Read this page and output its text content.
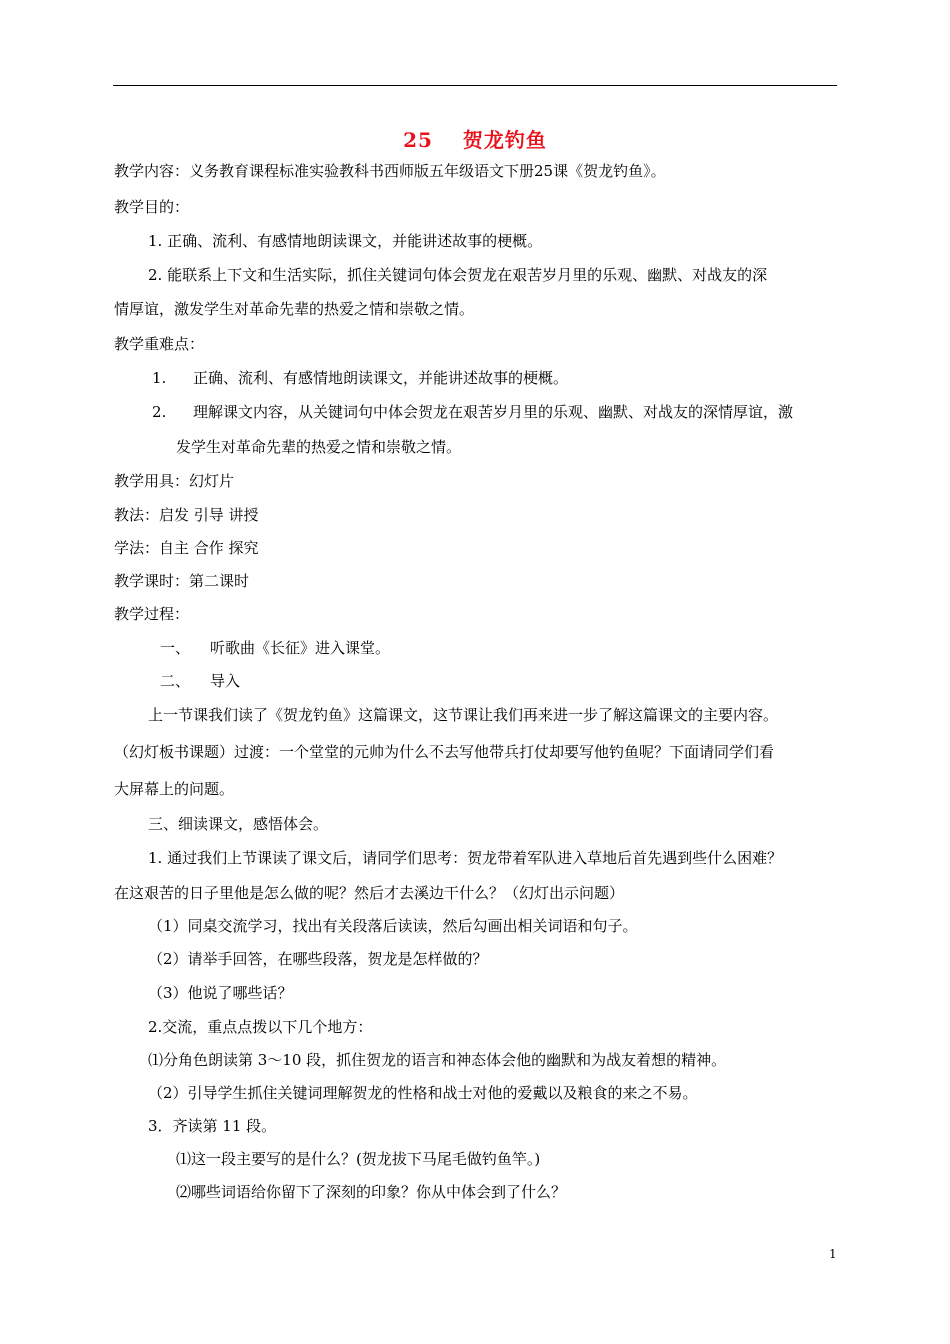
25 贺龙钓鱼
教学内容：义务教育课程标准实验教科书西师版五年级语文下册25课《贺龙钓鱼》。
教学目的：
1. 正确、流利、有感情地朗读课文，并能讲述故事的梗概。
2. 能联系上下文和生活实际，抓住关键词句体会贺龙在艰苦岁月里的乐观、幽默、对战友的深
情厚谊，激发学生对革命先辈的热爱之情和崇敬之情。
教学重难点：
1. 正确、流利、有感情地朗读课文，并能讲述故事的梗概。
2. 理解课文内容，从关键词句中体会贺龙在艰苦岁月里的乐观、幽默、对战友的深情厚谊，激
发学生对革命先辈的热爱之情和崇敬之情。
教学用具：幻灯片
教法：启发 引导 讲授
学法：自主 合作 探究
教学课时：第二课时
教学过程：
一、 听歌曲《长征》进入课堂。
二、 导入
上一节课我们读了《贺龙钓鱼》这篇课文，这节课让我们再来进一步了解这篇课文的主要内容。
（幻灯板书课题）过渡：一个堂堂的元帅为什么不去写他带兵打仗却要写他钓鱼呢？下面请同学们看
大屏幕上的问题。
三、细读课文，感悟体会。
1. 通过我们上节课读了课文后，请同学们思考：贺龙带着军队进入草地后首先遇到些什么困难？
在这艰苦的日子里他是怎么做的呢？然后才去溪边干什么？（幻灯出示问题）
（1）同桌交流学习，找出有关段落后读读，然后勾画出相关词语和句子。
（2）请举手回答，在哪些段落，贺龙是怎样做的？
（3）他说了哪些话？
2.交流，重点点拨以下几个地方：
⑴分角色朗读第 3～10 段，抓住贺龙的语言和神态体会他的幽默和为战友着想的精神。
（2）引导学生抓住关键词理解贺龙的性格和战士对他的爱戴以及粮食的来之不易。
3．齐读第 11 段。
⑴这一段主要写的是什么？(贺龙拔下马尾毛做钓鱼竿。)
⑵哪些词语给你留下了深刻的印象？你从中体会到了什么？
1
